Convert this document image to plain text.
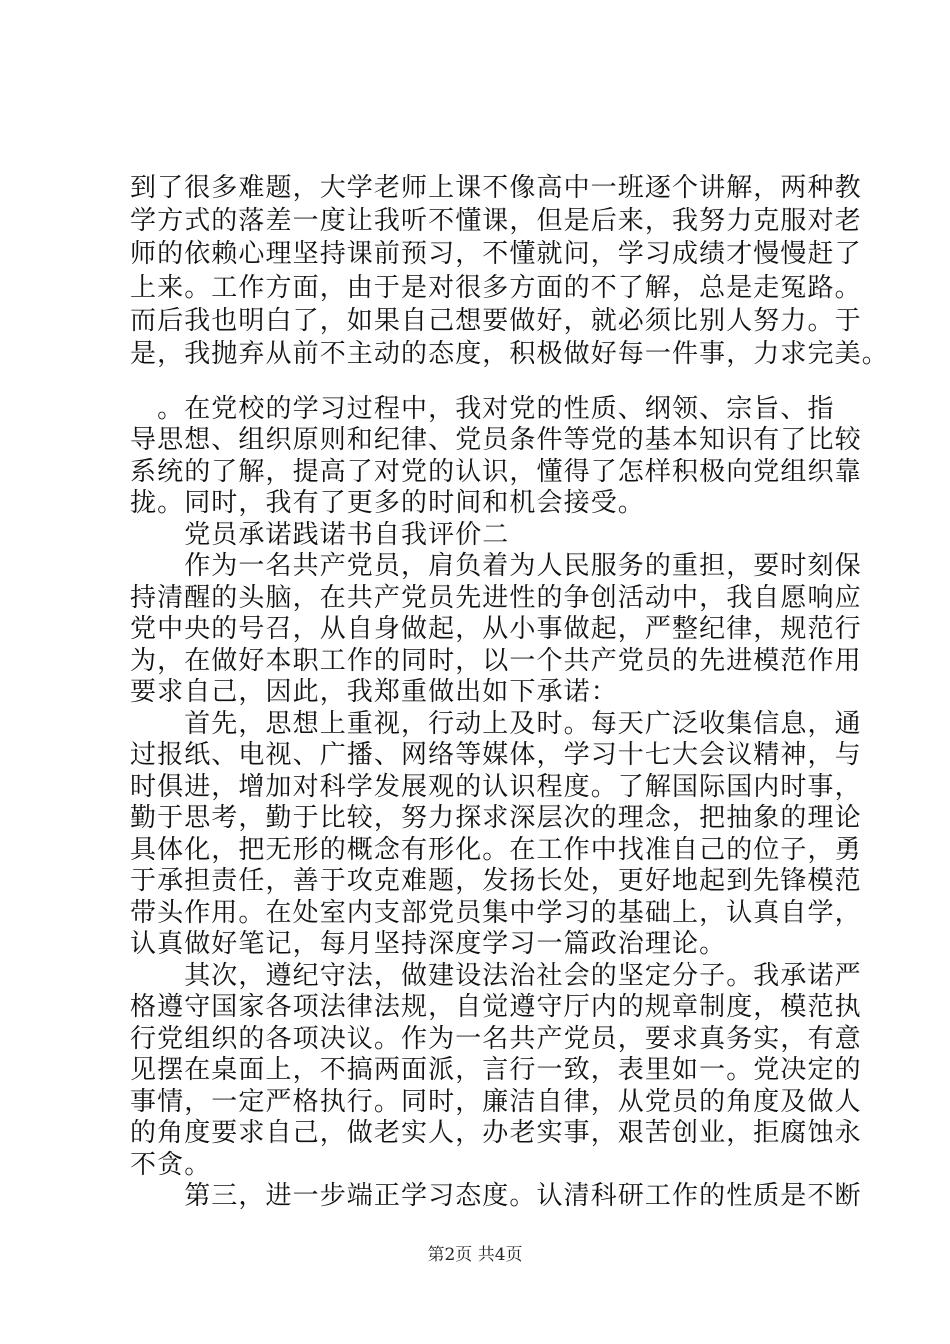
到了很多难题，大学老师上课不像高中一班逐个讲解，两种教
学方式的落差一度让我听不懂课，但是后来，我努力克服对老
师的依赖心理坚持课前预习，不懂就问，学习成绩才慢慢赶了
上来。工作方面，由于是对很多方面的不了解，总是走冤路。
而后我也明白了，如果自己想要做好，就必须比别人努力。于
是，我抛弃从前不主动的态度，积极做好每一件事，力求完美。
　。在党校的学习过程中，我对党的性质、纲领、宗旨、指
导思想、组织原则和纪律、党员条件等党的基本知识有了比较
系统的了解，提高了对党的认识，懂得了怎样积极向党组织靠
拢。同时，我有了更多的时间和机会接受。
　　党员承诺践诺书自我评价二
　　作为一名共产党员，肩负着为人民服务的重担，要时刻保
持清醒的头脑，在共产党员先进性的争创活动中，我自愿响应
党中央的号召，从自身做起，从小事做起，严整纪律，规范行
为，在做好本职工作的同时，以一个共产党员的先进模范作用
要求自己，因此，我郑重做出如下承诺：
　　首先，思想上重视，行动上及时。每天广泛收集信息，通
过报纸、电视、广播、网络等媒体，学习十七大会议精神，与
时俱进，增加对科学发展观的认识程度。了解国际国内时事，
勤于思考，勤于比较，努力探求深层次的理念，把抽象的理论
具体化，把无形的概念有形化。在工作中找准自己的位子，勇
于承担责任，善于攻克难题，发扬长处，更好地起到先锋模范
带头作用。在处室内支部党员集中学习的基础上，认真自学，
认真做好笔记，每月坚持深度学习一篇政治理论。
　　其次，遵纪守法，做建设法治社会的坚定分子。我承诺严
格遵守国家各项法律法规，自觉遵守厅内的规章制度，模范执
行党组织的各项决议。作为一名共产党员，要求真务实，有意
见摆在桌面上，不搞两面派，言行一致，表里如一。党决定的
事情，一定严格执行。同时，廉洁自律，从党员的角度及做人
的角度要求自己，做老实人，办老实事，艰苦创业，拒腐蚀永
不贪。
　　第三，进一步端正学习态度。认清科研工作的性质是不断
第2页 共4页
